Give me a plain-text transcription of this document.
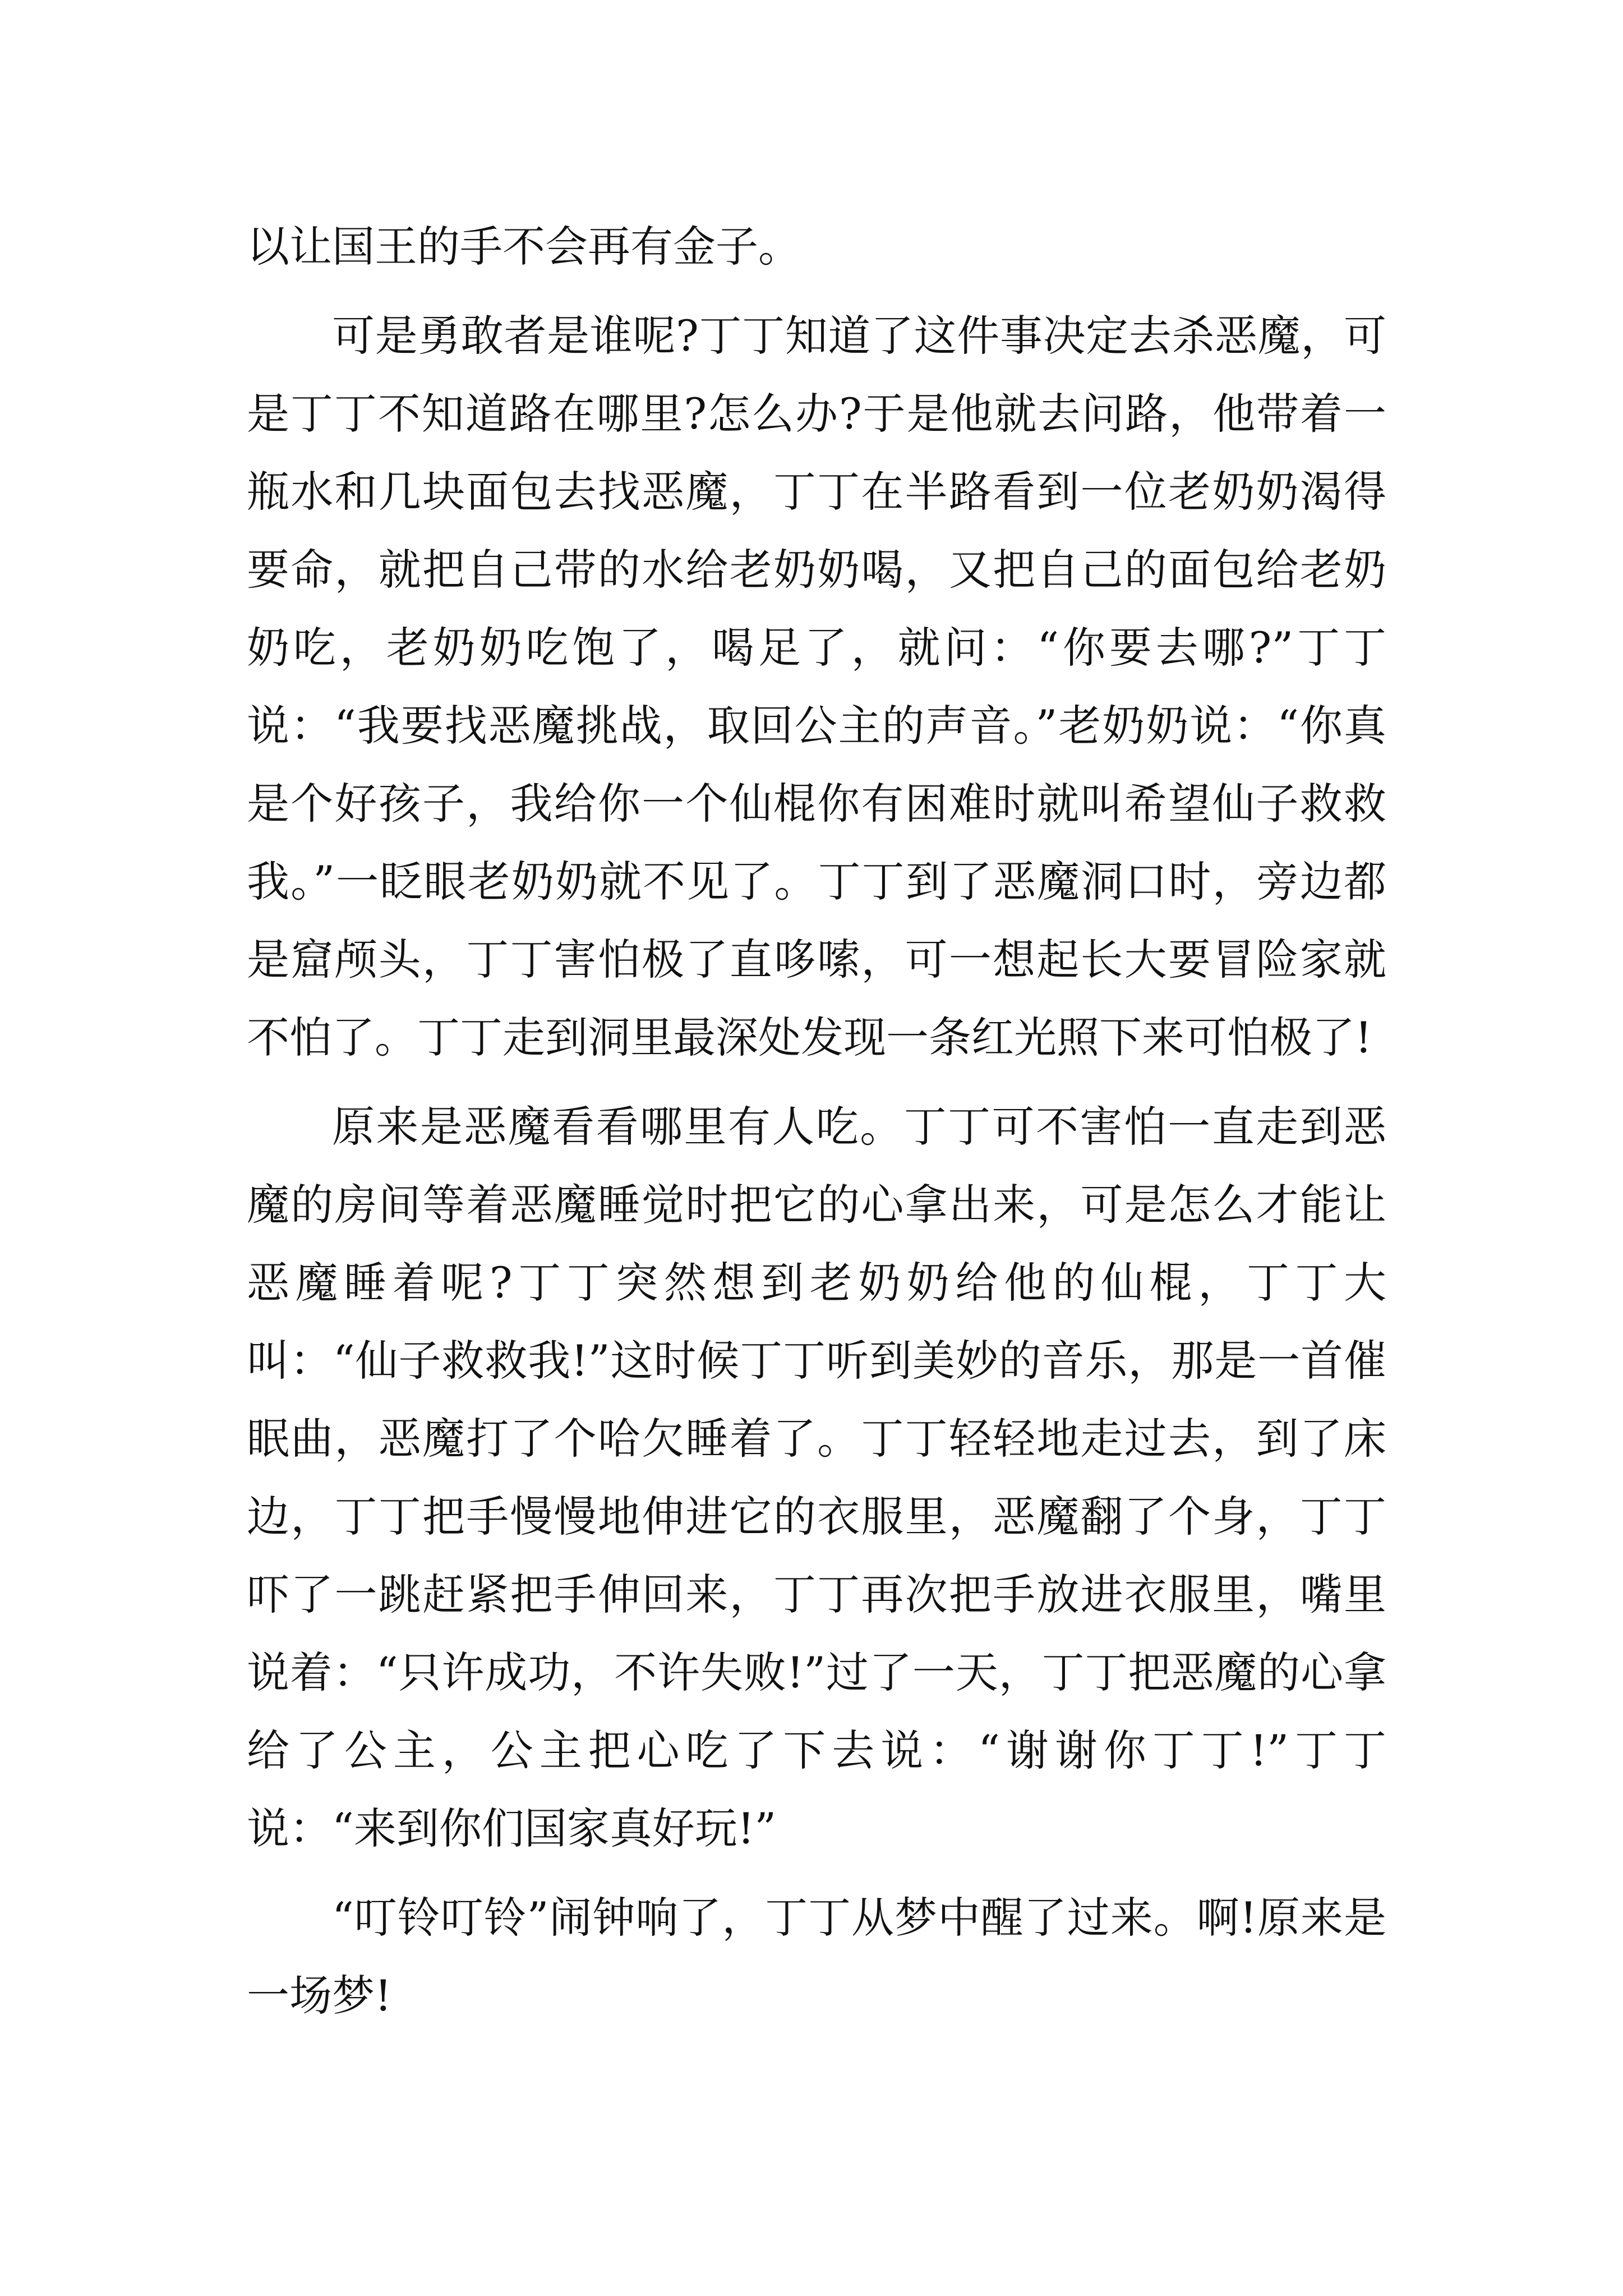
以让国王的手不会再有金子。

可是勇敢者是谁呢?丁丁知道了这件事决定去杀恶魔，可是丁丁不知道路在哪里?怎么办?于是他就去问路，他带着一瓶水和几块面包去找恶魔，丁丁在半路看到一位老奶奶渴得要命，就把自己带的水给老奶奶喝，又把自己的面包给老奶奶吃，老奶奶吃饱了，喝足了，就问：“你要去哪?”丁丁说：“我要找恶魔挑战，取回公主的声音。”老奶奶说：“你真是个好孩子，我给你一个仙棍你有困难时就叫希望仙子救救我。”一眨眼老奶奶就不见了。丁丁到了恶魔洞口时，旁边都是窟颅头，丁丁害怕极了直哆嗦，可一想起长大要冒险家就不怕了。丁丁走到洞里最深处发现一条红光照下来可怕极了!

原来是恶魔看看哪里有人吃。丁丁可不害怕一直走到恶魔的房间等着恶魔睡觉时把它的心拿出来，可是怎么才能让恶魔睡着呢?丁丁突然想到老奶奶给他的仙棍，丁丁大叫：“仙子救救我!”这时候丁丁听到美妙的音乐，那是一首催眠曲，恶魔打了个哈欠睡着了。丁丁轻轻地走过去，到了床边，丁丁把手慢慢地伸进它的衣服里，恶魔翻了个身，丁丁吓了一跳赶紧把手伸回来，丁丁再次把手放进衣服里，嘴里说着：“只许成功，不许失败!”过了一天，丁丁把恶魔的心拿给了公主，公主把心吃了下去说：“谢谢你丁丁!”丁丁说：“来到你们国家真好玩!”

“叮铃叮铃”闹钟响了，丁丁从梦中醒了过来。啊!原来是一场梦!
